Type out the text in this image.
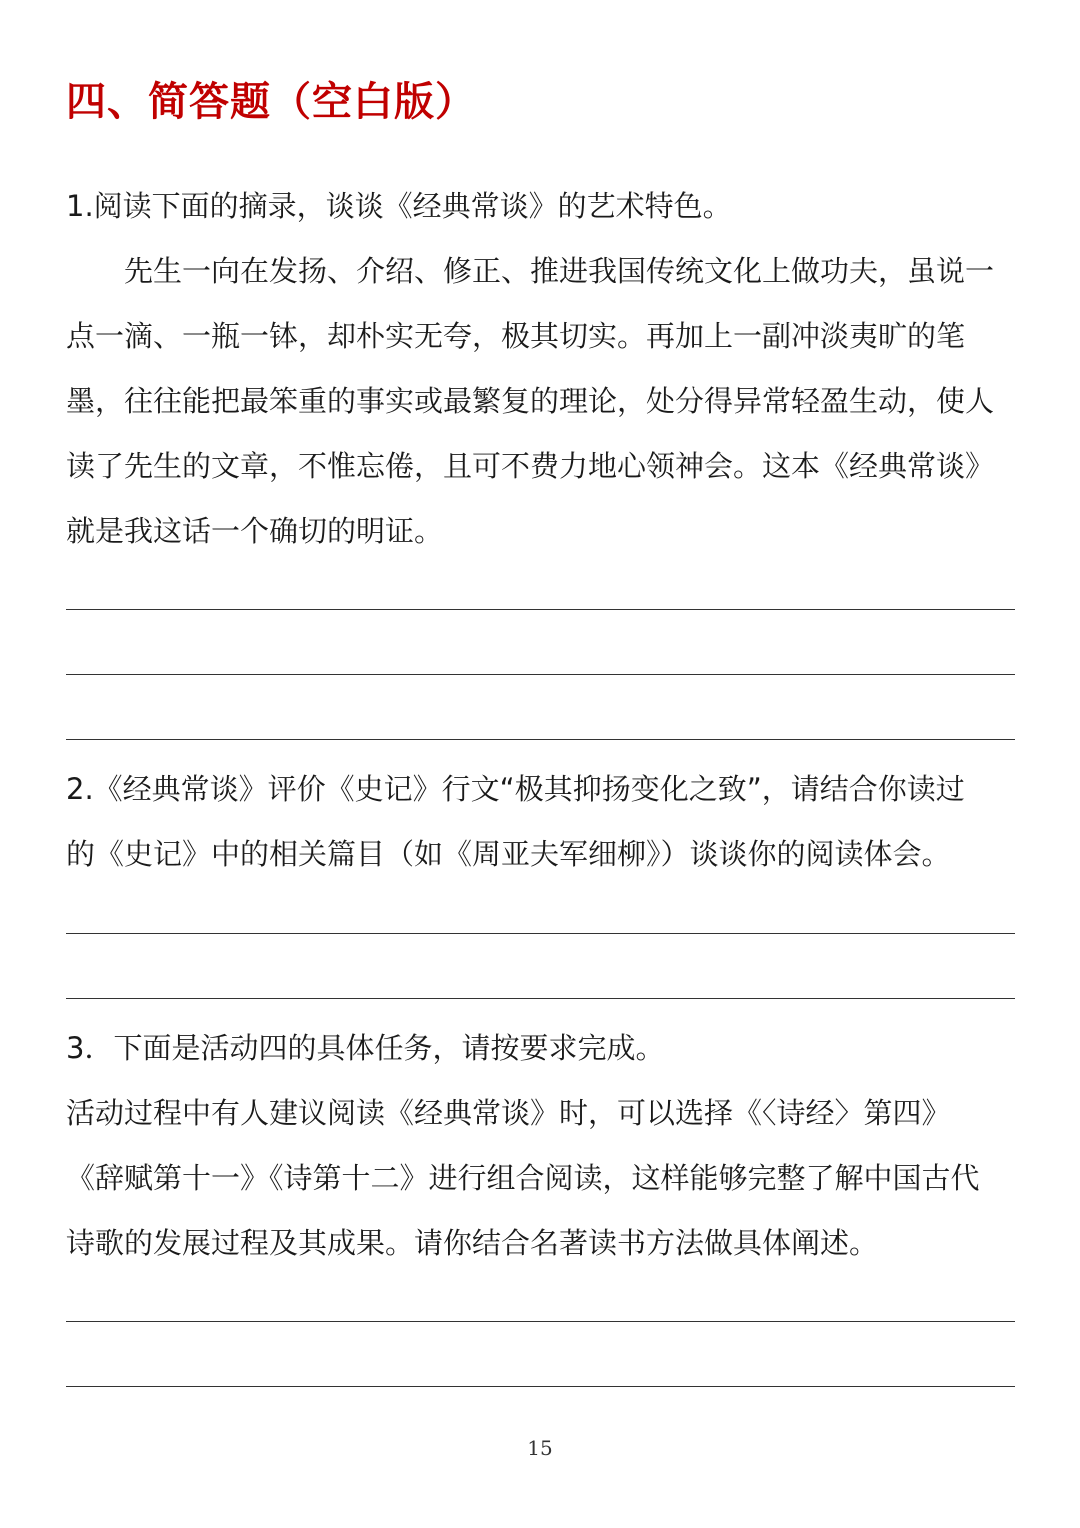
四、简答题（空白版）
1.阅读下面的摘录，谈谈《经典常谈》的艺术特色。
先生一向在发扬、介绍、修正、推进我国传统文化上做功夫，虽说一
点一滴、一瓶一钵，却朴实无夸，极其切实。再加上一副冲淡夷旷的笔
墨，往往能把最笨重的事实或最繁复的理论，处分得异常轻盈生动，使人
读了先生的文章，不惟忘倦，且可不费力地心领神会。这本《经典常谈》
就是我这话一个确切的明证。
2.《经典常谈》评价《史记》行文“极其抑扬变化之致”，请结合你读过
的《史记》中的相关篇目（如《周亚夫军细柳》）谈谈你的阅读体会。
3．下面是活动四的具体任务，请按要求完成。
活动过程中有人建议阅读《经典常谈》时，可以选择《〈诗经〉第四》
《辞赋第十一》《诗第十二》进行组合阅读，这样能够完整了解中国古代
诗歌的发展过程及其成果。请你结合名著读书方法做具体阐述。
15
